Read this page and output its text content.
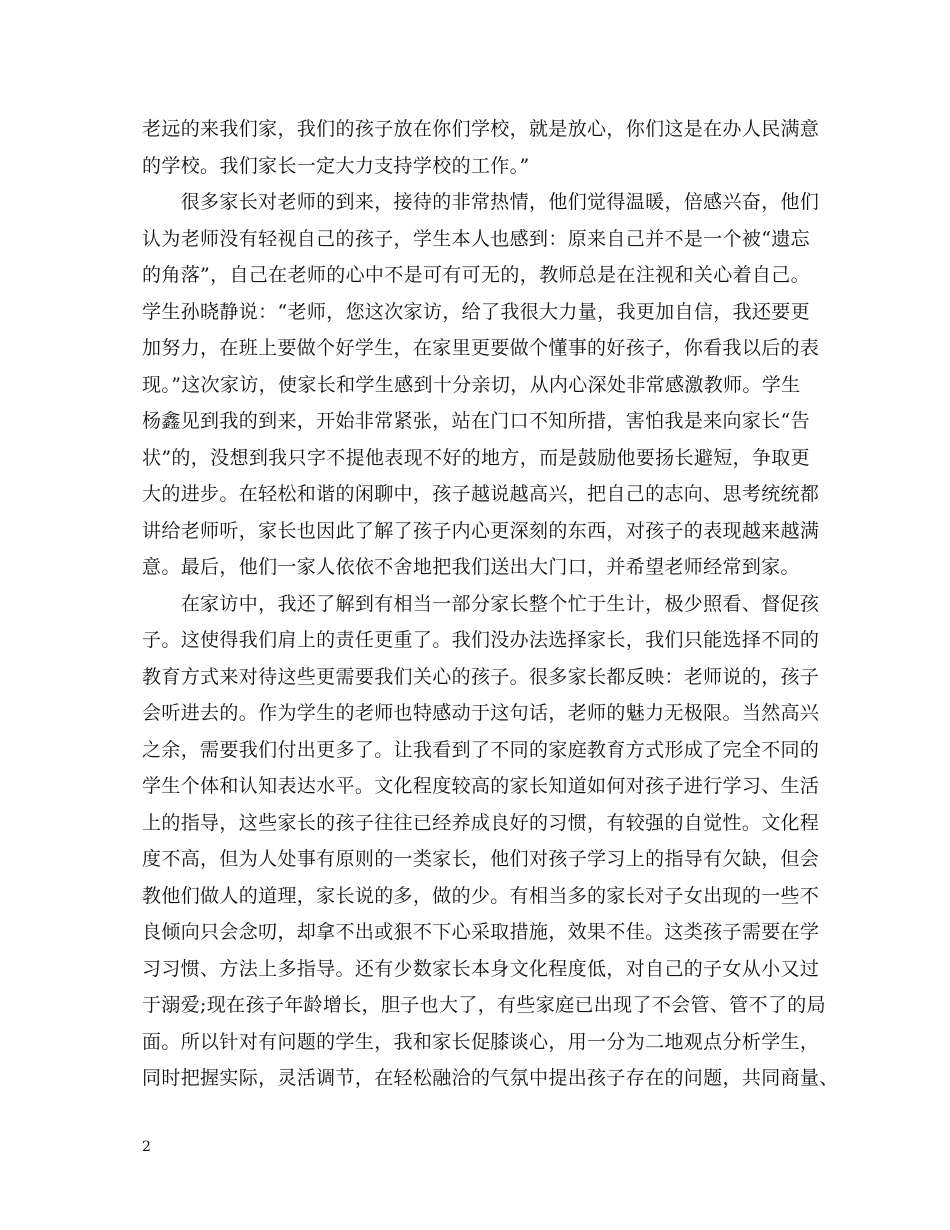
老远的来我们家，我们的孩子放在你们学校，就是放心，你们这是在办人民满意
的学校。我们家长一定大力支持学校的工作。”
　　很多家长对老师的到来，接待的非常热情，他们觉得温暖，倍感兴奋，他们
认为老师没有轻视自己的孩子，学生本人也感到：原来自己并不是一个被“遗忘
的角落”，自己在老师的心中不是可有可无的，教师总是在注视和关心着自己。
学生孙晓静说：“老师，您这次家访，给了我很大力量，我更加自信，我还要更
加努力，在班上要做个好学生，在家里更要做个懂事的好孩子，你看我以后的表
现。”这次家访，使家长和学生感到十分亲切，从内心深处非常感激教师。学生
杨鑫见到我的到来，开始非常紧张，站在门口不知所措，害怕我是来向家长“告
状”的，没想到我只字不提他表现不好的地方，而是鼓励他要扬长避短，争取更
大的进步。在轻松和谐的闲聊中，孩子越说越高兴，把自己的志向、思考统统都
讲给老师听，家长也因此了解了孩子内心更深刻的东西，对孩子的表现越来越满
意。最后，他们一家人依依不舍地把我们送出大门口，并希望老师经常到家。
　　在家访中，我还了解到有相当一部分家长整个忙于生计，极少照看、督促孩
子。这使得我们肩上的责任更重了。我们没办法选择家长，我们只能选择不同的
教育方式来对待这些更需要我们关心的孩子。很多家长都反映：老师说的，孩子
会听进去的。作为学生的老师也特感动于这句话，老师的魅力无极限。当然高兴
之余，需要我们付出更多了。让我看到了不同的家庭教育方式形成了完全不同的
学生个体和认知表达水平。文化程度较高的家长知道如何对孩子进行学习、生活
上的指导，这些家长的孩子往往已经养成良好的习惯，有较强的自觉性。文化程
度不高，但为人处事有原则的一类家长，他们对孩子学习上的指导有欠缺，但会
教他们做人的道理，家长说的多，做的少。有相当多的家长对子女出现的一些不
良倾向只会念叨，却拿不出或狠不下心采取措施，效果不佳。这类孩子需要在学
习习惯、方法上多指导。还有少数家长本身文化程度低，对自己的子女从小又过
于溺爱;现在孩子年龄增长，胆子也大了，有些家庭已出现了不会管、管不了的局
面。所以针对有问题的学生，我和家长促膝谈心，用一分为二地观点分析学生，
同时把握实际，灵活调节，在轻松融洽的气氛中提出孩子存在的问题，共同商量、
2
